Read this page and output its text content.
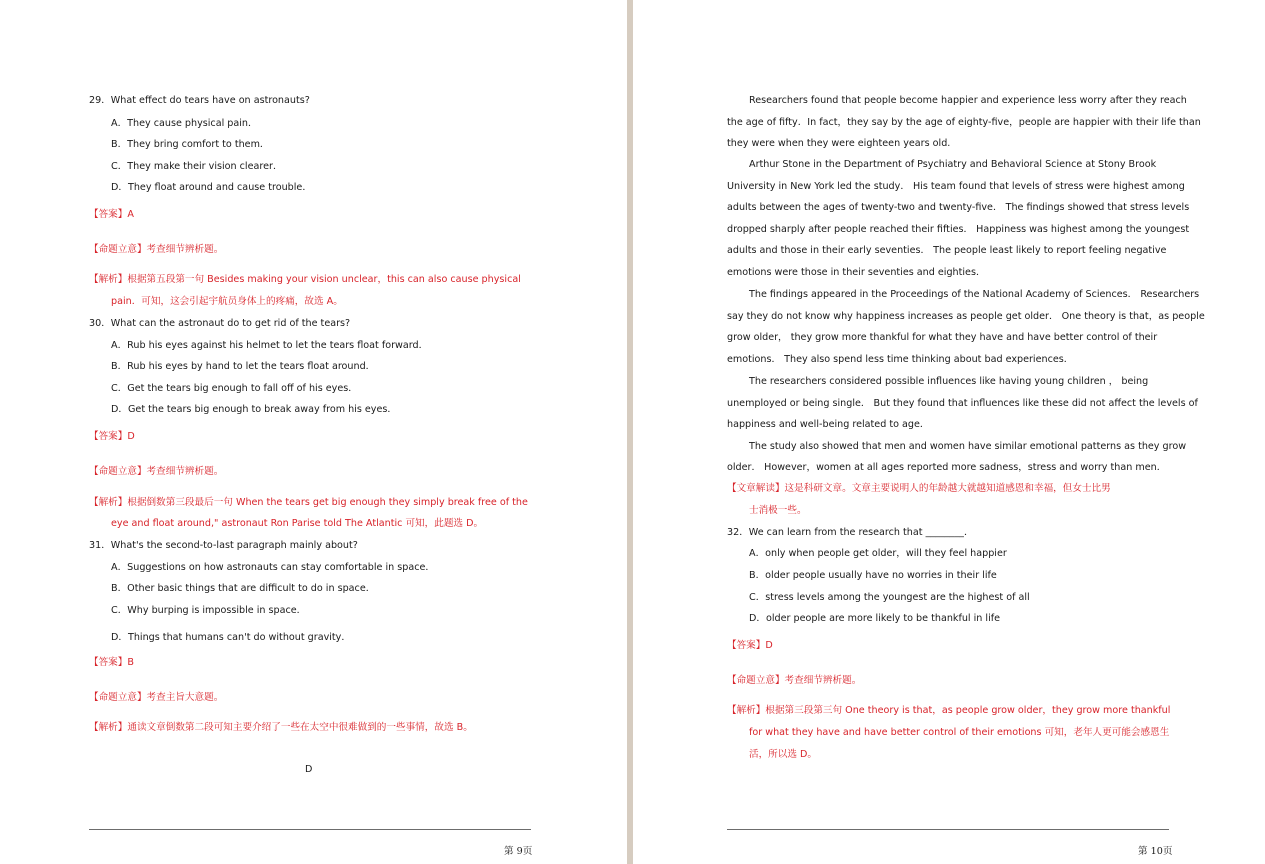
29．What effect do tears have on astronauts?
A．They cause physical pain．
B．They bring comfort to them．
C．They make their vision clearer．
D．They float around and cause trouble．
【答案】A
【命题立意】考查细节辨析题。
【解析】根据第五段第一句 Besides making your vision unclear，this can also cause physical
pain．可知，这会引起宇航员身体上的疼痛，故选 A。
30．What can the astronaut do to get rid of the tears?
A．Rub his eyes against his helmet to let the tears float forward．
B．Rub his eyes by hand to let the tears float around．
C．Get the tears big enough to fall off of his eyes．
D．Get the tears big enough to break away from his eyes．
【答案】D
【命题立意】考查细节辨析题。
【解析】根据倒数第三段最后一句 When the tears get big enough they simply break free of the
eye and float around," astronaut Ron Parise told The Atlantic 可知，此题选 D。
31．What's the second-to-last paragraph mainly about?
A．Suggestions on how astronauts can stay comfortable in space．
B．Other basic things that are difficult to do in space．
C．Why burping is impossible in space．
D．Things that humans can't do without gravity．
【答案】B
【命题立意】考查主旨大意题。
【解析】通读文章倒数第二段可知主要介绍了一些在太空中很难做到的一些事情，故选 B。
D
第 9页
Researchers found that people become happier and experience less worry after they reach
the age of fifty．In fact，they say by the age of eighty-five，people are happier with their life than
they were when they were eighteen years old.
Arthur Stone in the Department of Psychiatry and Behavioral Science at Stony Brook
University in New York led the study． His team found that levels of stress were highest among
adults between the ages of twenty-two and twenty-five． The findings showed that stress levels
dropped sharply after people reached their fifties． Happiness was highest among the youngest
adults and those in their early seventies． The people least likely to report feeling negative
emotions were those in their seventies and eighties．
The findings appeared in the Proceedings of the National Academy of Sciences． Researchers
say they do not know why happiness increases as people get older． One theory is that，as people
grow older， they grow more thankful for what they have and have better control of their
emotions． They also spend less time thinking about bad experiences．
The researchers considered possible influences like having young children ， being
unemployed or being single． But they found that influences like these did not affect the levels of
happiness and well-being related to age．
The study also showed that men and women have similar emotional patterns as they grow
older． However，women at all ages reported more sadness，stress and worry than men．
【文章解读】这是科研文章。文章主要说明人的年龄越大就越知道感恩和幸福，但女士比男
士消极一些。
32．We can learn from the research that ________．
A．only when people get older，will they feel happier
B．older people usually have no worries in their life
C．stress levels among the youngest are the highest of all
D．older people are more likely to be thankful in life
【答案】D
【命题立意】考查细节辨析题。
【解析】根据第三段第三句 One theory is that，as people grow older，they grow more thankful
for what they have and have better control of their emotions 可知，老年人更可能会感恩生
活，所以选 D。
第 10页
